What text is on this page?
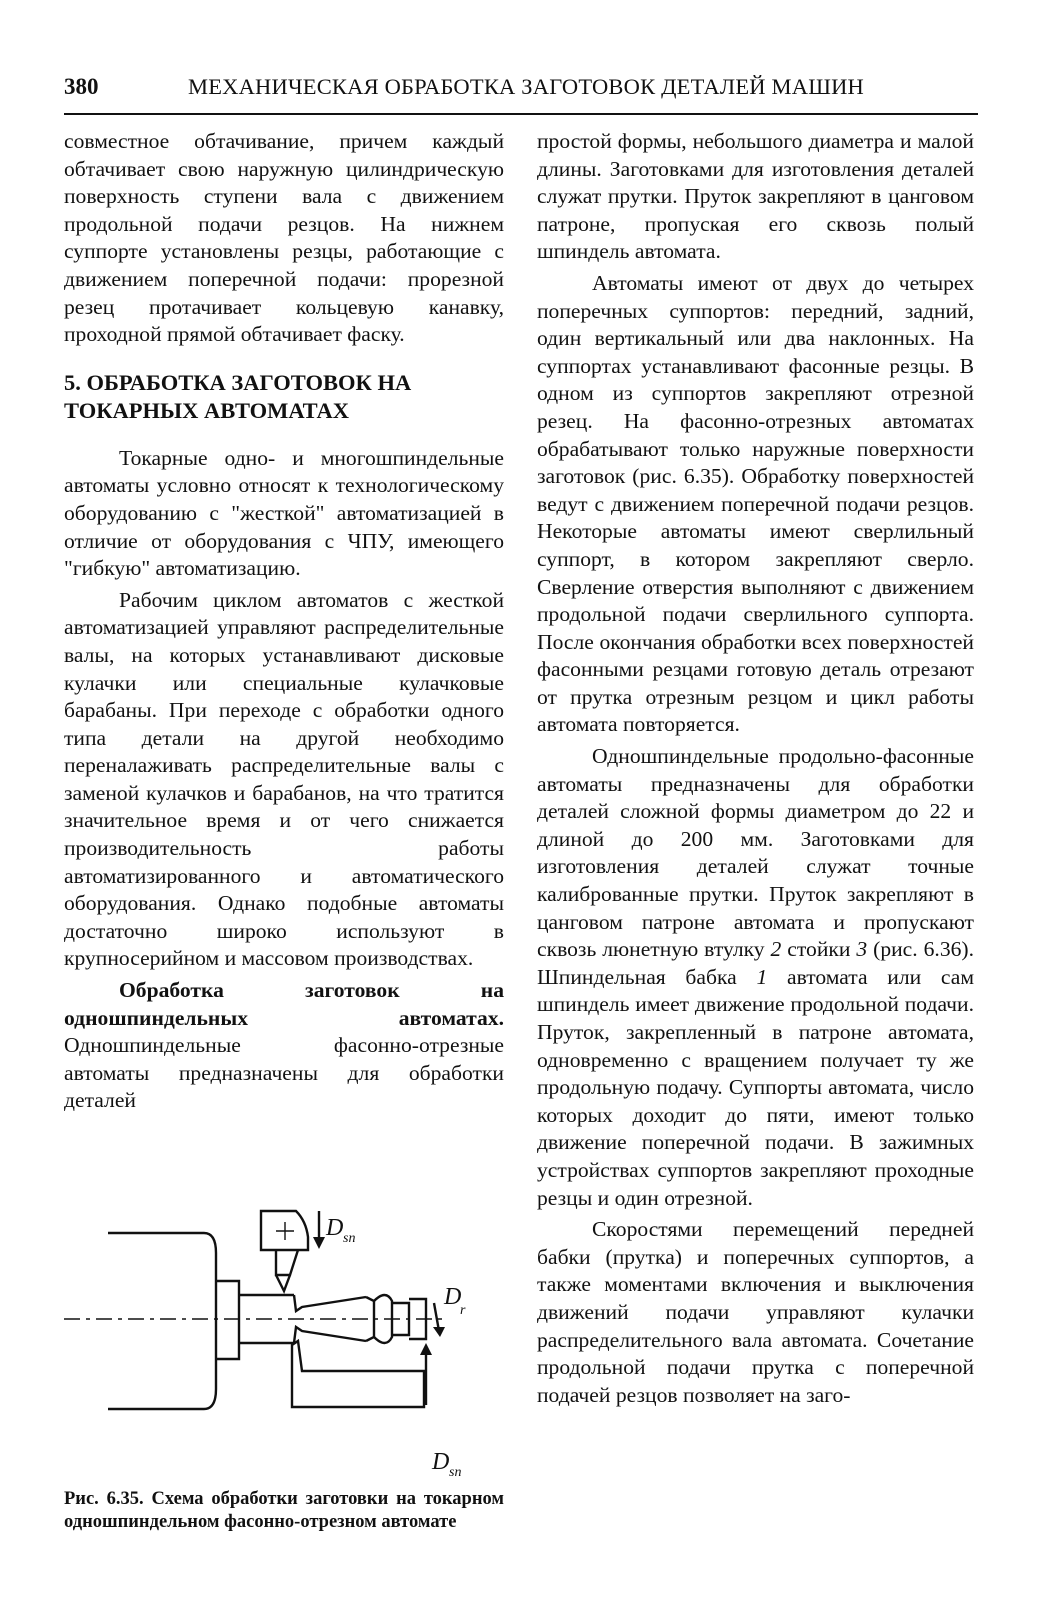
380	МЕХАНИЧЕСКАЯ ОБРАБОТКА ЗАГОТОВОК ДЕТАЛЕЙ МАШИН

совместное обтачивание, причем каждый обтачивает свою наружную цилиндрическую поверхность ступени вала с движением продольной подачи резцов. На нижнем суппорте установлены резцы, работающие с движением поперечной подачи: прорезной резец протачивает кольцевую канавку, проходной прямой обтачивает фаску.

5. ОБРАБОТКА ЗАГОТОВОК НА
ТОКАРНЫХ АВТОМАТАХ

Токарные одно- и многошпиндельные автоматы условно относят к технологическому оборудованию с "жесткой" автоматизацией в отличие от оборудования с ЧПУ, имеющего "гибкую" автоматизацию.

Рабочим циклом автоматов с жесткой автоматизацией управляют распределительные валы, на которых устанавливают дисковые кулачки или специальные кулачковые барабаны. При переходе с обработки одного типа детали на другой необходимо переналаживать распределительные валы с заменой кулачков и барабанов, на что тратится значительное время и от чего снижается производительность работы автоматизированного и автоматического оборудования. Однако подобные автоматы достаточно широко используют в крупносерийном и массовом производствах.

Обработка заготовок на одношпиндельных автоматах. Одношпиндельные фасонно-отрезные автоматы предназначены для обработки деталей

D sп
D
r
D sп
Рис. 6.35. Схема обработки заготовки на токарном одношпиндельном фасонно-отрезном автомате

простой формы, небольшого диаметра и малой длины. Заготовками для изготовления деталей служат прутки. Пруток закрепляют в цанговом патроне, пропуская его сквозь полый шпиндель автомата.

Автоматы имеют от двух до четырех поперечных суппортов: передний, задний, один вертикальный или два наклонных. На суппортах устанавливают фасонные резцы. В одном из суппортов закрепляют отрезной резец. На фасонно-отрезных автоматах обрабатывают только наружные поверхности заготовок (рис. 6.35). Обработку поверхностей ведут с движением поперечной подачи резцов. Некоторые автоматы имеют сверлильный суппорт, в котором закрепляют сверло. Сверление отверстия выполняют с движением продольной подачи сверлильного суппорта. После окончания обработки всех поверхностей фасонными резцами готовую деталь отрезают от прутка отрезным резцом и цикл работы автомата повторяется.

Одношпиндельные продольно-фасонные автоматы предназначены для обработки деталей сложной формы диаметром до 22 и длиной до 200 мм. Заготовками для изготовления деталей служат точные калиброванные прутки. Пруток закрепляют в цанговом патроне автомата и пропускают сквозь люнетную втулку 2 стойки 3 (рис. 6.36). Шпиндельная бабка 1 автомата или сам шпиндель имеет движение продольной подачи. Пруток, закрепленный в патроне автомата, одновременно с вращением получает ту же продольную подачу. Суппорты автомата, число которых доходит до пяти, имеют только движение поперечной подачи. В зажимных устройствах суппортов закрепляют проходные резцы и один отрезной.

Скоростями перемещений передней бабки (прутка) и поперечных суппортов, а также моментами включения и выключения движений подачи управляют кулачки распределительного вала автомата. Сочетание продольной подачи прутка с поперечной подачей резцов позволяет на заго-
